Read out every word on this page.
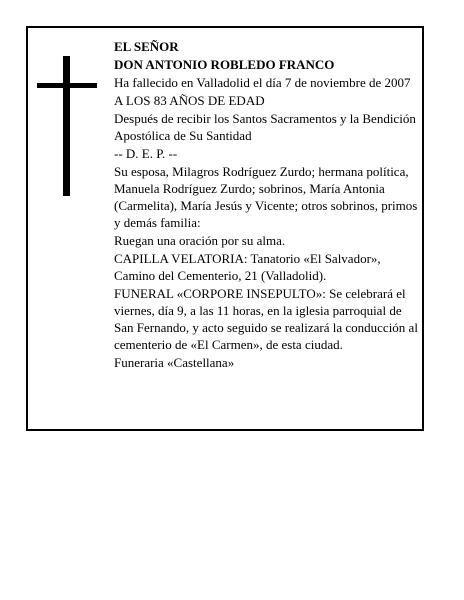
EL SEÑOR

DON ANTONIO ROBLEDO FRANCO

Ha fallecido en Valladolid el día 7 de noviembre de 2007

A LOS 83 AÑOS DE EDAD

Después de recibir los Santos Sacramentos y la Bendición Apostólica de Su Santidad

-- D. E. P. --

Su esposa, Milagros Rodríguez Zurdo; hermana política, Manuela Rodríguez Zurdo; sobrinos, María Antonia (Carmelita), María Jesús y Vicente; otros sobrinos, primos y demás familia:

Ruegan una oración por su alma.

CAPILLA VELATORIA: Tanatorio «El Salvador», Camino del Cementerio, 21 (Valladolid).

FUNERAL «CORPORE INSEPULTO»: Se celebrará el viernes, día 9, a las 11 horas, en la iglesia parroquial de San Fernando, y acto seguido se realizará la conducción al cementerio de «El Carmen», de esta ciudad.

Funeraria «Castellana»
